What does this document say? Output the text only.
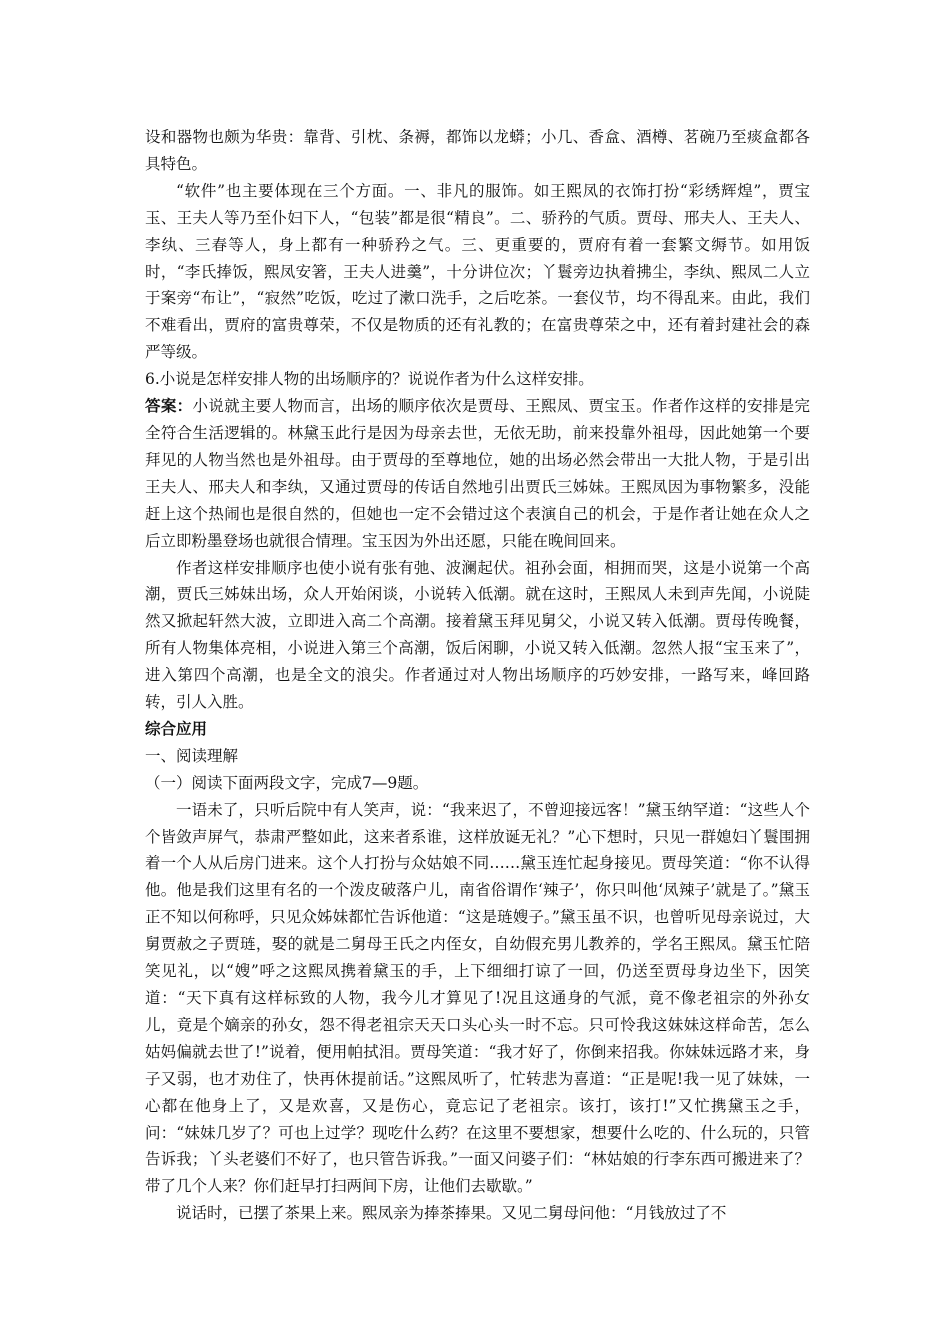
设和器物也颇为华贵：靠背、引枕、条褥，都饰以龙蟒；小几、香盒、酒樽、茗碗乃至痰盒都各具特色。

“软件”也主要体现在三个方面。一、非凡的服饰。如王熙凤的衣饰打扮“彩绣辉煌”，贾宝玉、王夫人等乃至仆妇下人，“包装”都是很“精良”。二、骄矜的气质。贾母、邢夫人、王夫人、李纨、三春等人，身上都有一种骄矜之气。三、更重要的，贾府有着一套繁文缛节。如用饭时，“李氏捧饭，熙凤安箸，王夫人进羹”，十分讲位次；丫鬟旁边执着拂尘，李纨、熙凤二人立于案旁“布让”，“寂然”吃饭，吃过了漱口洗手，之后吃茶。一套仪节，均不得乱来。由此，我们不难看出，贾府的富贵尊荣，不仅是物质的还有礼教的；在富贵尊荣之中，还有着封建社会的森严等级。

6.小说是怎样安排人物的出场顺序的？说说作者为什么这样安排。

答案：小说就主要人物而言，出场的顺序依次是贾母、王熙凤、贾宝玉。作者作这样的安排是完全符合生活逻辑的。林黛玉此行是因为母亲去世，无依无助，前来投靠外祖母，因此她第一个要拜见的人物当然也是外祖母。由于贾母的至尊地位，她的出场必然会带出一大批人物，于是引出王夫人、邢夫人和李纨，又通过贾母的传话自然地引出贾氏三姊妹。王熙凤因为事物繁多，没能赶上这个热闹也是很自然的，但她也一定不会错过这个表演自己的机会，于是作者让她在众人之后立即粉墨登场也就很合情理。宝玉因为外出还愿，只能在晚间回来。

作者这样安排顺序也使小说有张有弛、波澜起伏。祖孙会面，相拥而哭，这是小说第一个高潮，贾氏三姊妹出场，众人开始闲谈，小说转入低潮。就在这时，王熙凤人未到声先闻，小说陡然又掀起轩然大波，立即进入高二个高潮。接着黛玉拜见舅父，小说又转入低潮。贾母传晚餐，所有人物集体亮相，小说进入第三个高潮，饭后闲聊，小说又转入低潮。忽然人报“宝玉来了”，进入第四个高潮，也是全文的浪尖。作者通过对人物出场顺序的巧妙安排，一路写来，峰回路转，引人入胜。

综合应用

一、阅读理解

（一）阅读下面两段文字，完成7—9题。

一语未了，只听后院中有人笑声，说：“我来迟了，不曾迎接远客！”黛玉纳罕道：“这些人个个皆敛声屏气，恭肃严整如此，这来者系谁，这样放诞无礼？”心下想时，只见一群媳妇丫鬟围拥着一个人从后房门进来。这个人打扮与众姑娘不同……黛玉连忙起身接见。贾母笑道：“你不认得他。他是我们这里有名的一个泼皮破落户儿，南省俗谓作‘辣子’，你只叫他‘凤辣子’就是了。”黛玉正不知以何称呼，只见众姊妹都忙告诉他道：“这是琏嫂子。”黛玉虽不识，也曾听见母亲说过，大舅贾赦之子贾琏，娶的就是二舅母王氏之内侄女，自幼假充男儿教养的，学名王熙凤。黛玉忙陪笑见礼，以“嫂”呼之这熙凤携着黛玉的手，上下细细打谅了一回，仍送至贾母身边坐下，因笑道：“天下真有这样标致的人物，我今儿才算见了!况且这通身的气派，竟不像老祖宗的外孙女儿，竟是个嫡亲的孙女，怨不得老祖宗天天口头心头一时不忘。只可怜我这妹妹这样命苦，怎么姑妈偏就去世了!”说着，便用帕拭泪。贾母笑道：“我才好了，你倒来招我。你妹妹远路才来，身子又弱，也才劝住了，快再休提前话。”这熙凤听了，忙转悲为喜道：“正是呢!我一见了妹妹，一心都在他身上了，又是欢喜，又是伤心，竟忘记了老祖宗。该打，该打!”又忙携黛玉之手，问：“妹妹几岁了？可也上过学？现吃什么药？在这里不要想家，想要什么吃的、什么玩的，只管告诉我；丫头老婆们不好了，也只管告诉我。”一面又问婆子们：“林姑娘的行李东西可搬进来了？带了几个人来？你们赶早打扫两间下房，让他们去歇歇。”

说话时，已摆了茶果上来。熙凤亲为捧茶捧果。又见二舅母问他：“月钱放过了不
